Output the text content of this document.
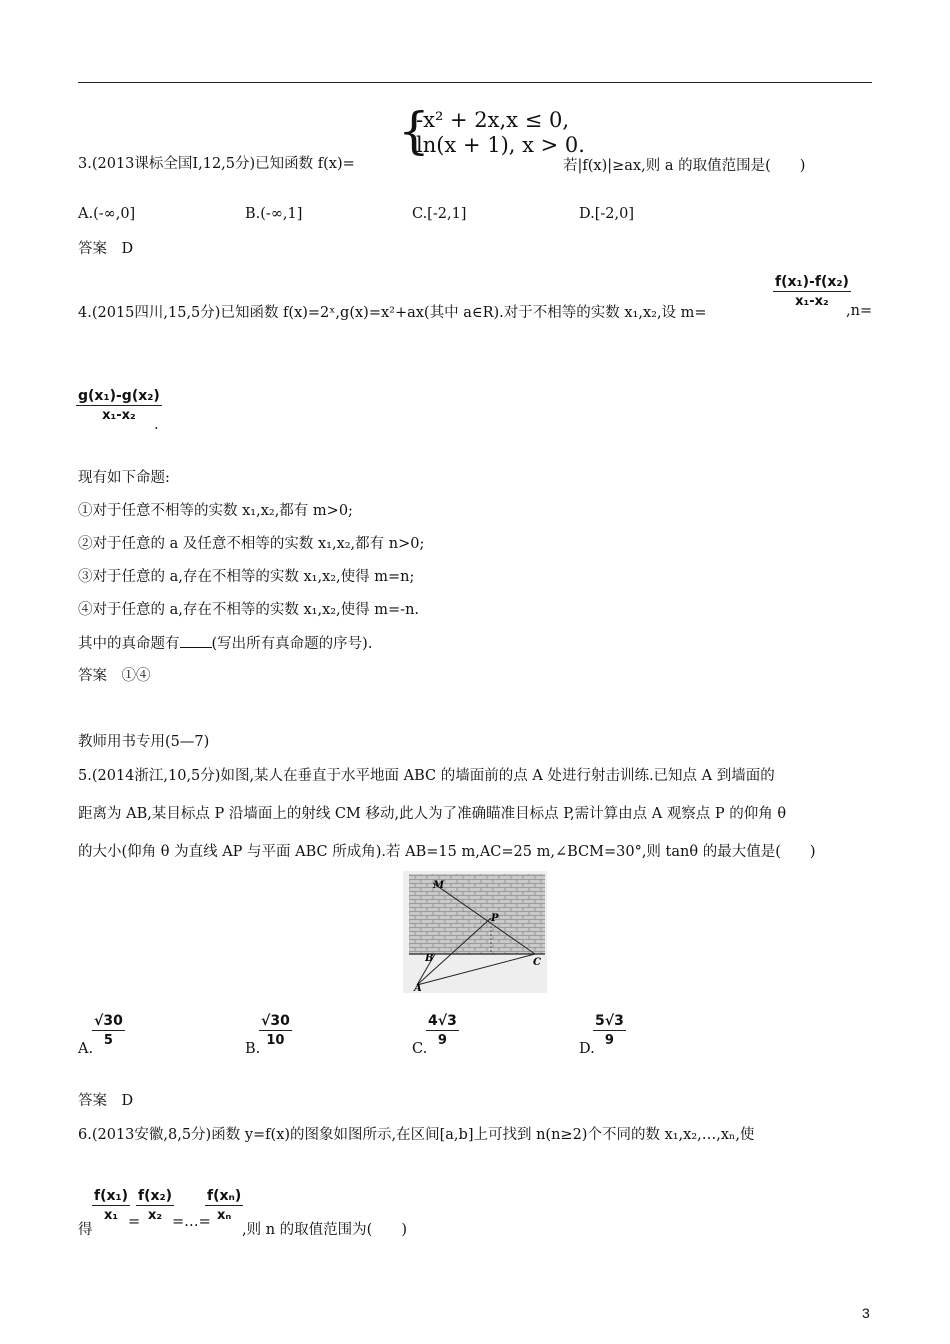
{
-x² + 2x,x ≤ 0,
ln(x + 1), x > 0.
3.(2013课标全国Ⅰ,12,5分)已知函数 f(x)=	若|f(x)|≥ax,则 a 的取值范围是(　　)
A.(-∞,0]	B.(-∞,1]	C.[-2,1]	D.[-2,0]
答案　D
$\frac{\text{f(x₁)-f(x₂)}}{\text{x₁-x₂}}$
4.(2015四川,15,5分)已知函数 f(x)=2ˣ,g(x)=x²+ax(其中 a∈R).对于不相等的实数 x₁,x₂,设 m=	,n=
$\frac{\text{g(x₁)-g(x₂)}}{\text{x₁-x₂}}$
.
现有如下命题:
①对于任意不相等的实数 x₁,x₂,都有 m>0;
②对于任意的 a 及任意不相等的实数 x₁,x₂,都有 n>0;
③对于任意的 a,存在不相等的实数 x₁,x₂,使得 m=n;
④对于任意的 a,存在不相等的实数 x₁,x₂,使得 m=-n.
其中的真命题有 (写出所有真命题的序号).
答案　①④
教师用书专用(5—7)
5.(2014浙江,10,5分)如图,某人在垂直于水平地面 ABC 的墙面前的点 A 处进行射击训练.已知点 A 到墙面的
距离为 AB,某目标点 P 沿墙面上的射线 CM 移动,此人为了准确瞄准目标点 P,需计算由点 A 观察点 P 的仰角 θ
的大小(仰角 θ 为直线 AP 与平面 ABC 所成角).若 AB=15 m,AC=25 m,∠BCM=30°,则 tanθ 的最大值是(　　)
M
P
B	C
A
A.
$\frac{√30}{5}$	B.
$\frac{√30}{10}$	C.
$\frac{4√3}{9}$	D.
$\frac{5√3}{9}$
答案　D
6.(2013安徽,8,5分)函数 y=f(x)的图象如图所示,在区间[a,b]上可找到 n(n≥2)个不同的数 x₁,x₂,…,xₙ,使
得
$\frac{\text{f(x₁)}}{\text{x₁}}$
=
$\frac{\text{f(x₂)}}{\text{x₂}}$
=…=
$\frac{\text{f(xₙ)}}{\text{xₙ}}$
,则 n 的取值范围为(　　)
3
